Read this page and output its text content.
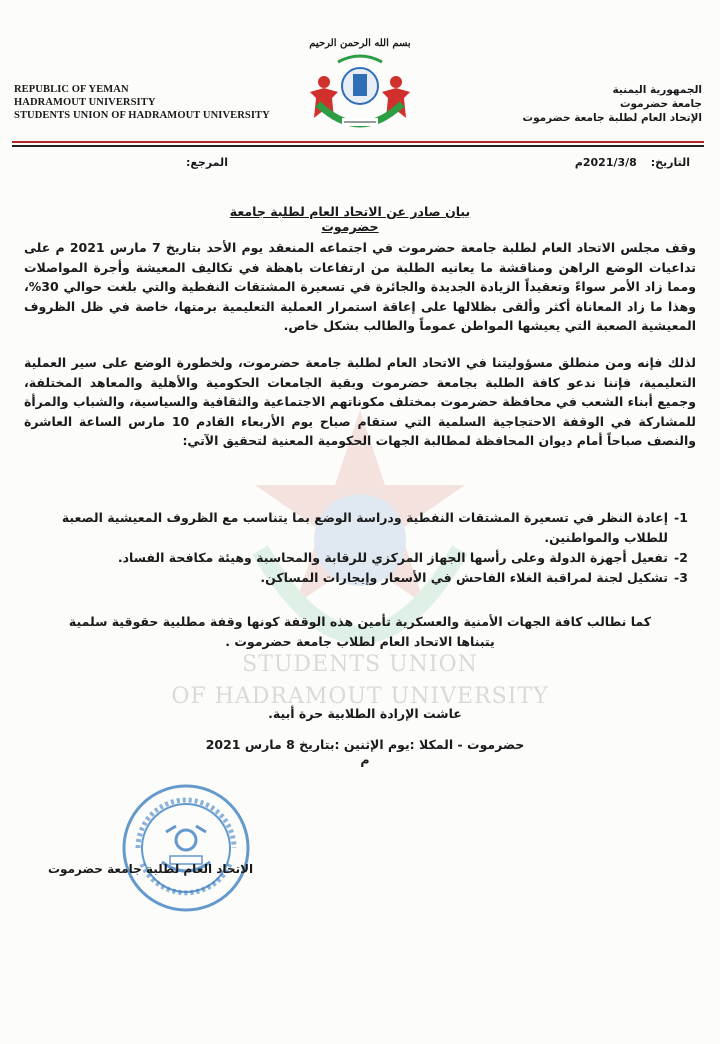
STUDENTS UNION
OF HADRAMOUT UNIVERSITY
بسم الله الرحمن الرحيم
REPUBLIC OF YEMAN
HADRAMOUT UNIVERSITY
STUDENTS UNION OF HADRAMOUT UNIVERSITY
الجمهورية اليمنية
جامعة حضرموت
الإتحاد العام لطلبة جامعة حضرموت
التاريخ: 2021/3/8م
المرجع:
بيان صادر عن الاتحاد العام لطلبة جامعة حضرموت
وقف مجلس الاتحاد العام لطلبة جامعة حضرموت في اجتماعه المنعقد يوم الأحد بتاريخ 7 مارس 2021 م على تداعيات الوضع الراهن ومناقشة ما يعانيه الطلبة من ارتفاعات باهظة في تكاليف المعيشة وأجرة المواصلات ومما زاد الأمر سواءً وتعقيداً الزيادة الجديدة والجائرة في تسعيرة المشتقات النفطية والتي بلغت حوالي 30%، وهذا ما زاد المعاناة أكثر وألقى بظلالها على إعاقة استمرار العملية التعليمية برمتها، خاصة في ظل الظروف المعيشية الصعبة التي يعيشها المواطن عموماً والطالب بشكل خاص.
لذلك فإنه ومن منطلق مسؤوليتنا في الاتحاد العام لطلبة جامعة حضرموت، ولخطورة الوضع على سير العملية التعليمية، فإننا ندعو كافة الطلبة بجامعة حضرموت وبقية الجامعات الحكومية والأهلية والمعاهد المختلفة، وجميع أبناء الشعب في محافظة حضرموت بمختلف مكوناتهم الاجتماعية والثقافية والسياسية، والشباب والمرأة للمشاركة في الوقفة الاحتجاجية السلمية التي ستقام صباح يوم الأربعاء القادم 10 مارس الساعة العاشرة والنصف صباحاً أمام ديوان المحافظة لمطالبة الجهات الحكومية المعنية لتحقيق الآتي:
-1
إعادة النظر في تسعيرة المشتقات النفطية ودراسة الوضع بما يتناسب مع الظروف المعيشية الصعبة للطلاب والمواطنين.
-2
تفعيل أجهزة الدولة وعلى رأسها الجهاز المركزي للرقابة والمحاسبة وهيئة مكافحة الفساد.
-3
تشكيل لجنة لمراقبة الغلاء الفاحش في الأسعار وإيجارات المساكن.
كما نطالب كافة الجهات الأمنية والعسكرية تأمين هذه الوقفة كونها وقفة مطلبية حقوقية سلمية يتبناها الاتحاد العام لطلاب جامعة حضرموت .
عاشت الإرادة الطلابية حرة أبية.
حضرموت - المكلا :يوم الإثنين :بتاريخ 8 مارس 2021 م
الاتحاد العام لطلبة جامعة حضرموت
